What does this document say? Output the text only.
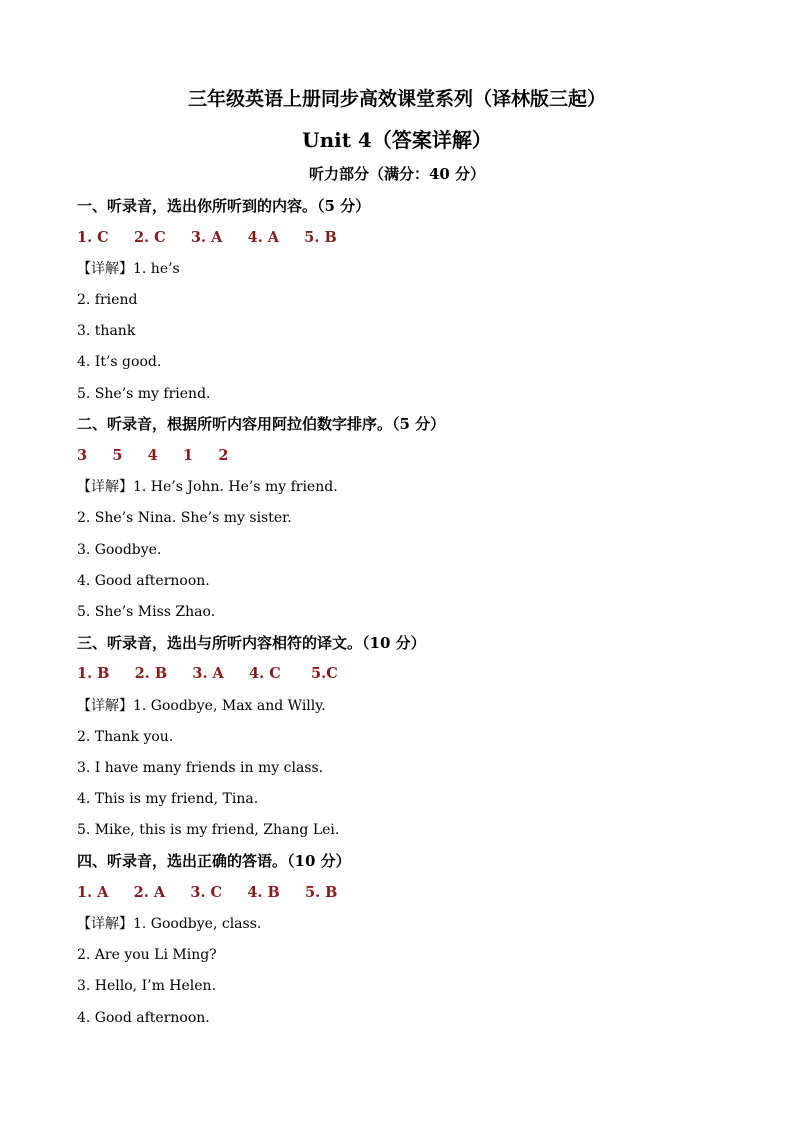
三年级英语上册同步高效课堂系列（译林版三起）
Unit 4（答案详解）
听力部分（满分：40 分）
一、听录音，选出你所听到的内容。（5 分）
1. C     2. C     3. A     4. A     5. B
【详解】1. he’s
2. friend
3. thank
4. It’s good.
5. She’s my friend.
二、听录音，根据所听内容用阿拉伯数字排序。（5 分）
3     5     4     1     2
【详解】1. He’s John. He’s my friend.
2. She’s Nina. She’s my sister.
3. Goodbye.
4. Good afternoon.
5. She’s Miss Zhao.
三、听录音，选出与所听内容相符的译文。（10 分）
1. B     2. B     3. A     4. C      5.C
【详解】1. Goodbye, Max and Willy.
2. Thank you.
3. I have many friends in my class.
4. This is my friend, Tina.
5. Mike, this is my friend, Zhang Lei.
四、听录音，选出正确的答语。（10 分）
1. A     2. A     3. C     4. B     5. B
【详解】1. Goodbye, class.
2. Are you Li Ming?
3. Hello, I’m Helen.
4. Good afternoon.
